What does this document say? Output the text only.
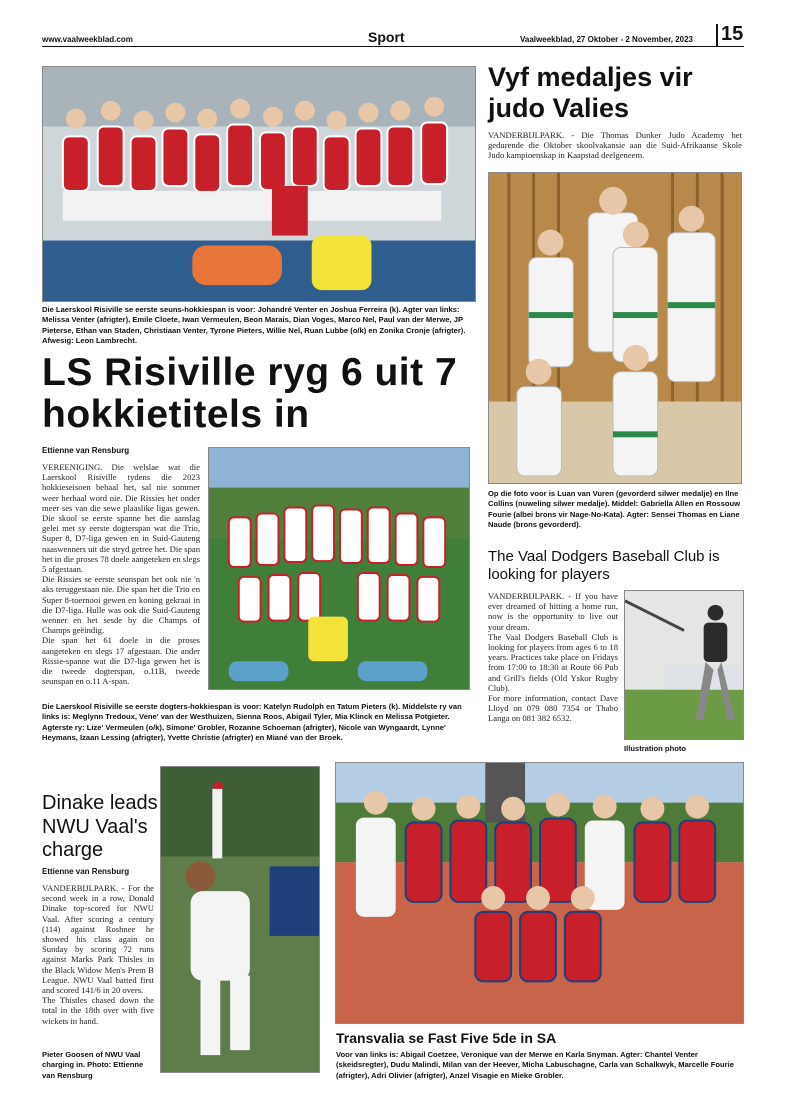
www.vaalweekblad.com	Sport	Vaalweekblad, 27 Oktober - 2 November, 2023 15
Die Laerskool Risiville se eerste seuns-hokkiespan is voor: Johandré Venter en Joshua Ferreira (k). Agter van links: Melissa Venter (afrigter), Emile Cloete, Iwan Vermeulen, Beon Marais, Dian Voges, Marco Nel, Paul van der Merwe, JP Pieterse, Ethan van Staden, Christiaan Venter, Tyrone Pieters, Willie Nel, Ruan Lubbe (o/k) en Zonika Cronje (afrigter). Afwesig: Leon Lambrecht.
LS Risiville ryg 6 uit 7 hokkietitels in
Ettienne van Rensburg
VEREENIGING. Die welslae wat die Laerskool Risiville tydens die 2023 hokkieseisoen behaal het, sal nie sommer weer herhaal word nie. Die Rissies het onder meer ses van die sewe plaaslike ligas gewen. Die skool se eerste spanne het die aanslag gelei met sy eerste dogterspan wat die Trio, Super 8, D7-liga gewen en in Suid-Gauteng naaswenners uit die stryd getree het. Die span het in die proses 78 doele aangeteken en slegs 5 afgestaan.
Die Rissies se eerste seunspan het ook nie 'n aks teruggestaan nie. Die span het die Trio en Super 8-toernooi gewen en koning gekraai in die D7-liga. Hulle was ook die Suid-Gauteng wenner en het sesde by die Champs of Champs geëindig.
Die span het 61 doele in die proses aangeteken en slegs 17 afgestaan. Die ander Rissie-spanne wat die D7-liga gewen het is die tweede dogterspan, o.11B, tweede seunspan en o.11 A-span.
Die Laerskool Risiville se eerste dogters-hokkiespan is voor: Katelyn Rudolph en Tatum Pieters (k). Middelste ry van links is: Meglynn Tredoux, Vene' van der Westhuizen, Sienna Roos, Abigail Tyler, Mia Klinck en Melissa Potgieter. Agterste ry: Lize' Vermeulen (o/k), Simone' Grobler, Rozanne Schoeman (afrigter), Nicole van Wyngaardt, Lynne' Heymans, Izaan Lessing (afrigter), Yvette Christie (afrigter) en Miané van der Broek.
Vyf medaljes vir judo Valies
VANDERBIJLPARK. - Die Thomas Dunker Judo Academy het gedurende die Oktober skoolvakansie aan die Suid-Afrikaanse Skole Judo kampioenskap in Kaapstad deelgeneem.
Op die foto voor is Luan van Vuren (gevorderd silwer medalje) en Ilne Collins (nuweling silwer medalje). Middel: Gabriella Allen en Rossouw Fourie (albei brons vir Nage-No-Kata). Agter: Sensei Thomas en Liane Naude (brons gevorderd).
The Vaal Dodgers Baseball Club is looking for players
VANDERBIJLPARK. - If you have ever dreamed of hitting a home run, now is the opportunity to live out your dream.
The Vaal Dodgers Baseball Club is looking for players from ages 6 to 18 years. Practices take place on Fridays from 17:00 to 18:30 at Route 66 Pub and Grill's fields (Old Yskor Rugby Club).
For more information, contact Dave Lloyd on 079 080 7354 or Thabo Langa on 081 382 6532.
Illustration photo
Dinake leads NWU Vaal's charge
Ettienne van Rensburg
VANDERBIJLPARK. - For the second week in a row, Donald Dinake top-scored for NWU Vaal. After scoring a century (114) against Roshnee he showed his class again on Sunday by scoring 72 runs against Marks Park Thisles in the Black Widow Men's Prem B League. NWU Vaal batted first and scored 141/6 in 20 overs.
The Thistles chased down the total in the 18th over with five wickets in hand.
Pieter Goosen of NWU Vaal charging in. Photo: Ettienne van Rensburg
Transvalia se Fast Five 5de in SA
Voor van links is: Abigail Coetzee, Veronique van der Merwe en Karla Snyman. Agter: Chantel Venter (skeidsregter), Dudu Malindi, Milan van der Heever, Micha Labuschagne, Carla van Schalkwyk, Marcelle Fourie (afrigter), Adri Olivier (afrigter), Anzel Visagie en Mieke Grobler.
